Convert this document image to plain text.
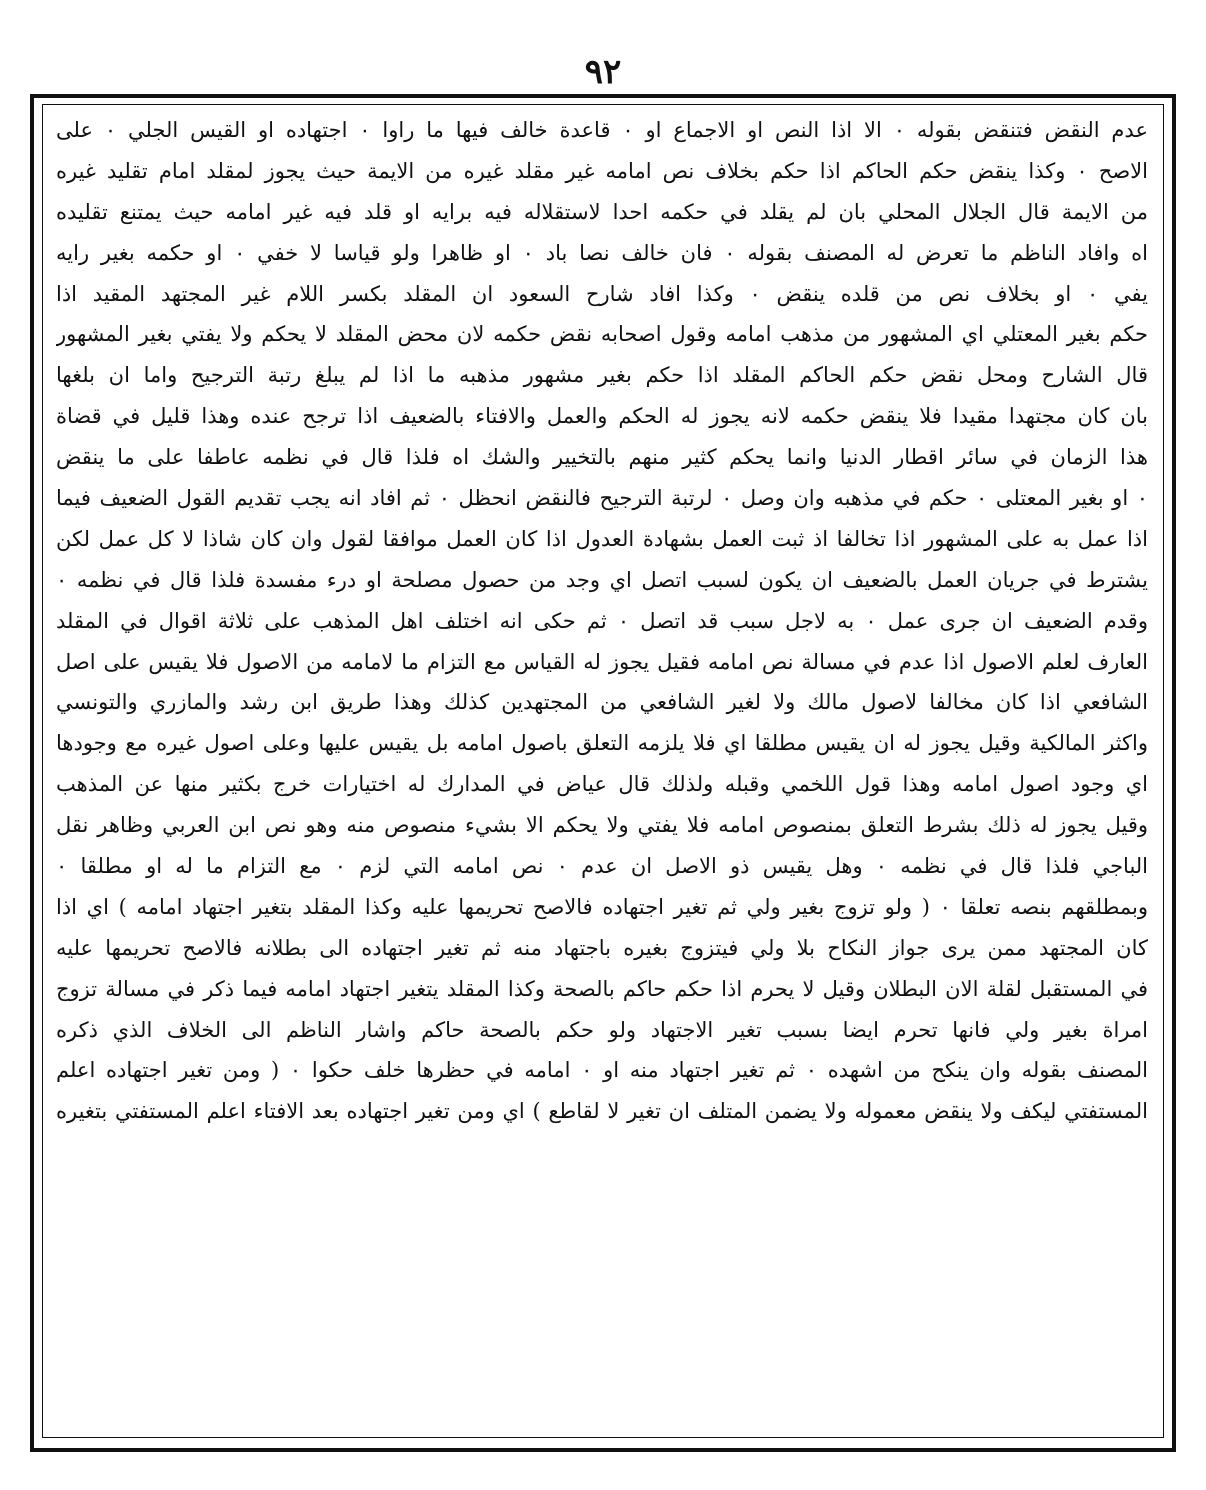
٩٢
عدم النقض فتنقض بقوله ٠ الا اذا النص او الاجماع او ٠ قاعدة خالف فيها ما راوا ٠ اجتهاده او القيس الجلي ٠ على
الاصح ٠ وكذا ينقض حكم الحاكم اذا حكم بخلاف نص امامه غير مقلد غيره من الايمة حيث يجوز لمقلد امام تقليد غيره
من الايمة قال الجلال المحلي بان لم يقلد في حكمه احدا لاستقلاله فيه برايه او قلد فيه غير امامه حيث يمتنع تقليده
اه وافاد الناظم ما تعرض له المصنف بقوله ٠ فان خالف نصا باد ٠ او ظاهرا ولو قياسا لا خفي ٠ او حكمه بغير رايه
يفي ٠ او بخلاف نص من قلده ينقض ٠ وكذا افاد شارح السعود ان المقلد بكسر اللام غير المجتهد المقيد اذا
حكم بغير المعتلي اي المشهور من مذهب امامه وقول اصحابه نقض حكمه لان محض المقلد لا يحكم ولا يفتي بغير المشهور
قال الشارح ومحل نقض حكم الحاكم المقلد اذا حكم بغير مشهور مذهبه ما اذا لم يبلغ رتبة الترجيح واما ان بلغها
بان كان مجتهدا مقيدا فلا ينقض حكمه لانه يجوز له الحكم والعمل والافتاء بالضعيف اذا ترجح عنده وهذا قليل في قضاة
هذا الزمان في سائر اقطار الدنيا وانما يحكم كثير منهم بالتخيير والشك اه فلذا قال في نظمه عاطفا على ما ينقض
٠ او بغير المعتلى ٠ حكم في مذهبه وان وصل ٠ لرتبة الترجيح فالنقض انحظل ٠ ثم افاد انه يجب تقديم القول الضعيف فيما
اذا عمل به على المشهور اذا تخالفا اذ ثبت العمل بشهادة العدول اذا كان العمل موافقا لقول وان كان شاذا لا كل عمل لكن
يشترط في جريان العمل بالضعيف ان يكون لسبب اتصل اي وجد من حصول مصلحة او درء مفسدة فلذا قال في نظمه ٠
وقدم الضعيف ان جرى عمل ٠ به لاجل سبب قد اتصل ٠ ثم حكى انه اختلف اهل المذهب على ثلاثة اقوال في المقلد
العارف لعلم الاصول اذا عدم في مسالة نص امامه فقيل يجوز له القياس مع التزام ما لامامه من الاصول فلا يقيس على اصل
الشافعي اذا كان مخالفا لاصول مالك ولا لغير الشافعي من المجتهدين كذلك وهذا طريق ابن رشد والمازري والتونسي
واكثر المالكية وقيل يجوز له ان يقيس مطلقا اي فلا يلزمه التعلق باصول امامه بل يقيس عليها وعلى اصول غيره مع وجودها
اي وجود اصول امامه وهذا قول اللخمي وقبله ولذلك قال عياض في المدارك له اختيارات خرج بكثير منها عن المذهب
وقيل يجوز له ذلك بشرط التعلق بمنصوص امامه فلا يفتي ولا يحكم الا بشيء منصوص منه وهو نص ابن العربي وظاهر نقل
الباجي فلذا قال في نظمه ٠ وهل يقيس ذو الاصل ان عدم ٠ نص امامه التي لزم ٠ مع التزام ما له او مطلقا ٠
وبمطلقهم بنصه تعلقا ٠ ( ولو تزوج بغير ولي ثم تغير اجتهاده فالاصح تحريمها عليه وكذا المقلد بتغير اجتهاد امامه ) اي اذا
كان المجتهد ممن يرى جواز النكاح بلا ولي فيتزوج بغيره باجتهاد منه ثم تغير اجتهاده الى بطلانه فالاصح تحريمها عليه
في المستقبل لقلة الان البطلان وقيل لا يحرم اذا حكم حاكم بالصحة وكذا المقلد يتغير اجتهاد امامه فيما ذكر في مسالة تزوج
امراة بغير ولي فانها تحرم ايضا بسبب تغير الاجتهاد ولو حكم بالصحة حاكم واشار الناظم الى الخلاف الذي ذكره
المصنف بقوله وان ينكح من اشهده ٠ ثم تغير اجتهاد منه او ٠ امامه في حظرها خلف حكوا ٠ ( ومن تغير اجتهاده اعلم
المستفتي ليكف ولا ينقض معموله ولا يضمن المتلف ان تغير لا لقاطع ) اي ومن تغير اجتهاده بعد الافتاء اعلم المستفتي بتغيره
